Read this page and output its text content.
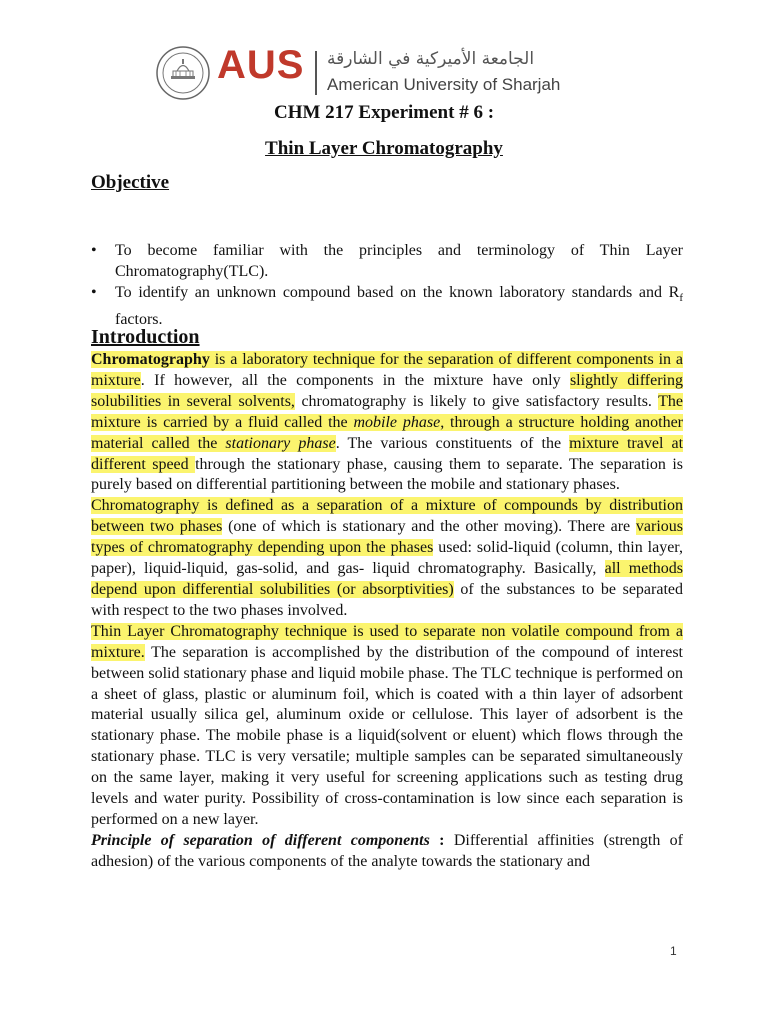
AUS الجامعة الأميركية في الشارقة
American University of Sharjah
CHM 217 Experiment # 6 :
Thin Layer Chromatography
Objective
• To become familiar with the principles and terminology of Thin Layer Chromatography(TLC).
• To identify an unknown compound based on the known laboratory standards and $R_f$ factors.
Introduction

Chromatography is a laboratory technique for the separation of different components in a mixture. If however, all the components in the mixture have only slightly differing solubilities in several solvents, chromatography is likely to give satisfactory results. The mixture is carried by a fluid called the mobile phase, through a structure holding another material called the stationary phase. The various constituents of the mixture travel at different speed through the stationary phase, causing them to separate. The separation is purely based on differential partitioning between the mobile and stationary phases.

Chromatography is defined as a separation of a mixture of compounds by distribution between two phases (one of which is stationary and the other moving). There are various types of chromatography depending upon the phases used: solid-liquid (column, thin layer, paper), liquid-liquid, gas-solid, and gas- liquid chromatography. Basically, all methods depend upon differential solubilities (or absorptivities) of the substances to be separated with respect to the two phases involved.

Thin Layer Chromatography technique is used to separate non volatile compound from a mixture. The separation is accomplished by the distribution of the compound of interest between solid stationary phase and liquid mobile phase. The TLC technique is performed on a sheet of glass, plastic or aluminum foil, which is coated with a thin layer of adsorbent material usually silica gel, aluminum oxide or cellulose. This layer of adsorbent is the stationary phase. The mobile phase is a liquid(solvent or eluent) which flows through the stationary phase. TLC is very versatile; multiple samples can be separated simultaneously on the same layer, making it very useful for screening applications such as testing drug levels and water purity. Possibility of cross-contamination is low since each separation is performed on a new layer.

Principle of separation of different components : Differential affinities (strength of adhesion) of the various components of the analyte towards the stationary and

1
